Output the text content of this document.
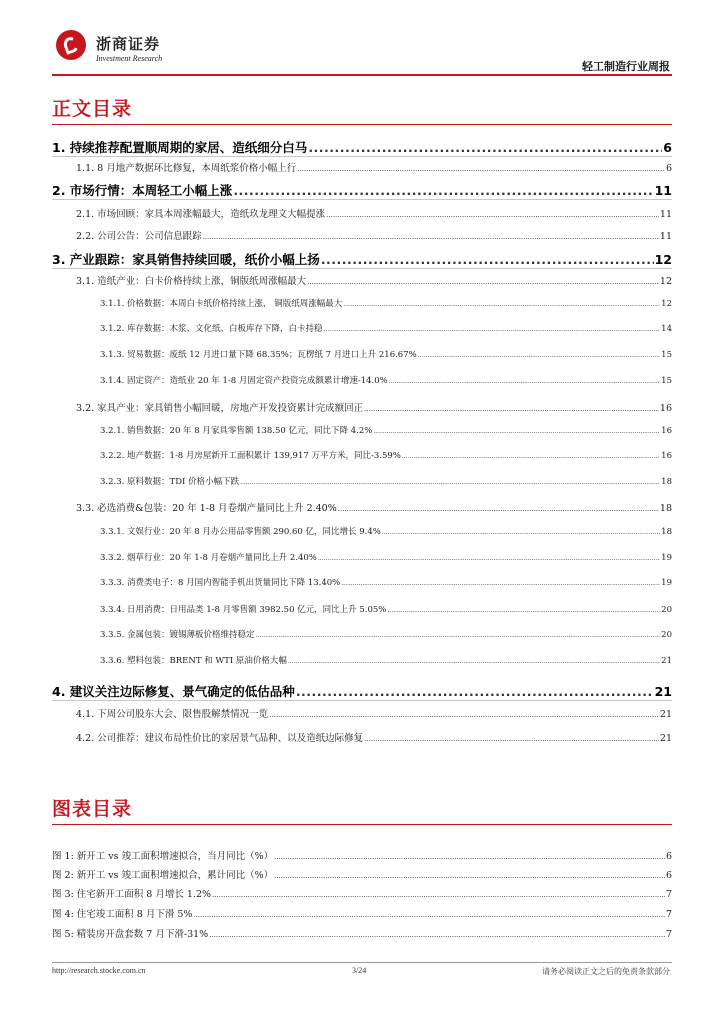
浙商证券
Investment Research
轻工制造行业周报
正文目录
1. 持续推荐配置顺周期的家居、造纸细分白马 .....	6
1.1. 8 月地产数据环比修复，本周纸浆价格小幅上行 .....	6
2. 市场行情：本周轻工小幅上涨 .....	11
2.1. 市场回顾：家具本周涨幅最大，造纸玖龙理文大幅提涨 .....	11
2.2. 公司公告：公司信息跟踪 .....	11
3. 产业跟踪：家具销售持续回暖，纸价小幅上扬 .....	12
3.1. 造纸产业：白卡价格持续上涨，铜版纸周涨幅最大 .....	12
3.1.1. 价格数据：本周白卡纸价格持续上涨， 铜版纸周涨幅最大 .....	12
3.1.2. 库存数据：木浆、文化纸、白板库存下降，白卡持稳 .....	14
3.1.3. 贸易数据：废纸 12 月进口量下降 68.35%；瓦楞纸 7 月进口上升 216.67% .....	15
3.1.4. 固定资产：造纸业 20 年 1-8 月固定资产投资完成额累计增速-14.0% .....	15
3.2. 家具产业：家具销售小幅回暖，房地产开发投资累计完成额回正 .....	16
3.2.1. 销售数据：20 年 8 月家具零售额 138.50 亿元，同比下降 4.2% .....	16
3.2.2. 地产数据：1-8 月房屋新开工面积累计 139,917 万平方米，同比-3.59% .....	16
3.2.3. 原料数据：TDI 价格小幅下跌 .....	18
3.3. 必选消费&包装：20 年 1-8 月卷烟产量同比上升 2.40% .....	18
3.3.1. 文娱行业：20 年 8 月办公用品零售额 290.60 亿，同比增长 9.4% .....	18
3.3.2. 烟草行业：20 年 1-8 月卷烟产量同比上升 2.40% .....	19
3.3.3. 消费类电子：8 月国内智能手机出货量同比下降 13.40% .....	19
3.3.4. 日用消费：日用品类 1-8 月零售额 3982.50 亿元，同比上升 5.05% .....	20
3.3.5. 金属包装：镀锡薄板价格维持稳定 .....	20
3.3.6. 塑料包装：BRENT 和 WTI 原油价格大幅 .....	21
4. 建议关注边际修复、景气确定的低估品种 .....	21
4.1. 下周公司股东大会、限售股解禁情况一览 .....	21
4.2. 公司推荐：建议布局性价比的家居景气品种、以及造纸边际修复 .....	21
图表目录
图 1: 新开工 vs 竣工面积增速拟合，当月同比（%） .....	6
图 2: 新开工 vs 竣工面积增速拟合，累计同比（%） .....	6
图 3: 住宅新开工面积 8 月增长 1.2% .....	7
图 4: 住宅竣工面积 8 月下滑 5% .....	7
图 5: 精装房开盘套数 7 月下滑-31% .....	7
http://research.stocke.com.cn	3/24	请务必阅读正文之后的免责条款部分
